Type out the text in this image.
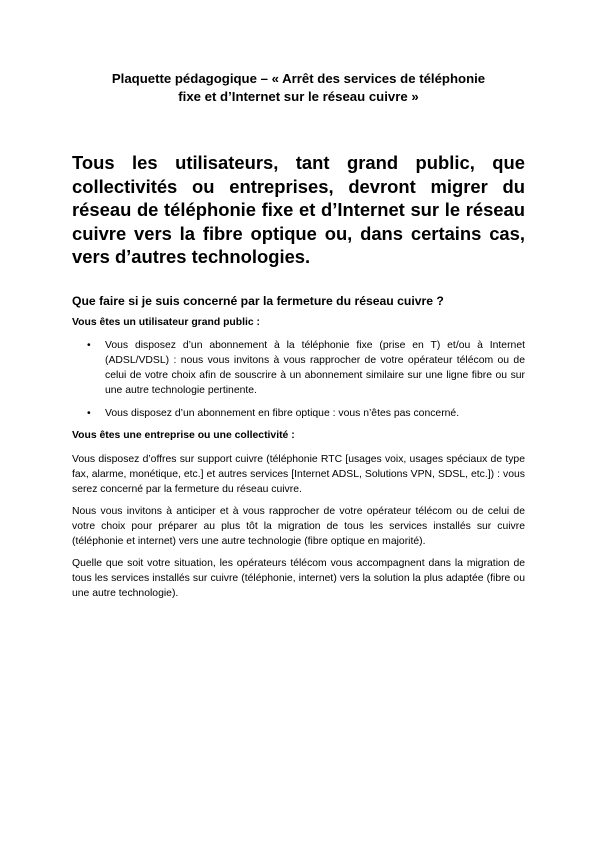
Plaquette pédagogique – « Arrêt des services de téléphonie
fixe et d’Internet sur le réseau cuivre »

Tous les utilisateurs, tant grand public, que collectivités ou entreprises, devront migrer du réseau de téléphonie fixe et d’Internet sur le réseau cuivre vers la fibre optique ou, dans certains cas, vers d’autres technologies.

Que faire si je suis concerné par la fermeture du réseau cuivre ?

Vous êtes un utilisateur grand public :

• Vous disposez d’un abonnement à la téléphonie fixe (prise en T) et/ou à Internet (ADSL/VDSL) : nous vous invitons à vous rapprocher de votre opérateur télécom ou de celui de votre choix afin de souscrire à un abonnement similaire sur une ligne fibre ou sur une autre technologie pertinente.
• Vous disposez d’un abonnement en fibre optique : vous n’êtes pas concerné.

Vous êtes une entreprise ou une collectivité :

Vous disposez d’offres sur support cuivre (téléphonie RTC [usages voix, usages spéciaux de type fax, alarme, monétique, etc.] et autres services [Internet ADSL, Solutions VPN, SDSL, etc.]) : vous serez concerné par la fermeture du réseau cuivre.

Nous vous invitons à anticiper et à vous rapprocher de votre opérateur télécom ou de celui de votre choix pour préparer au plus tôt la migration de tous les services installés sur cuivre (téléphonie et internet) vers une autre technologie (fibre optique en majorité).

Quelle que soit votre situation, les opérateurs télécom vous accompagnent dans la migration de tous les services installés sur cuivre (téléphonie, internet) vers la solution la plus adaptée (fibre ou une autre technologie).
